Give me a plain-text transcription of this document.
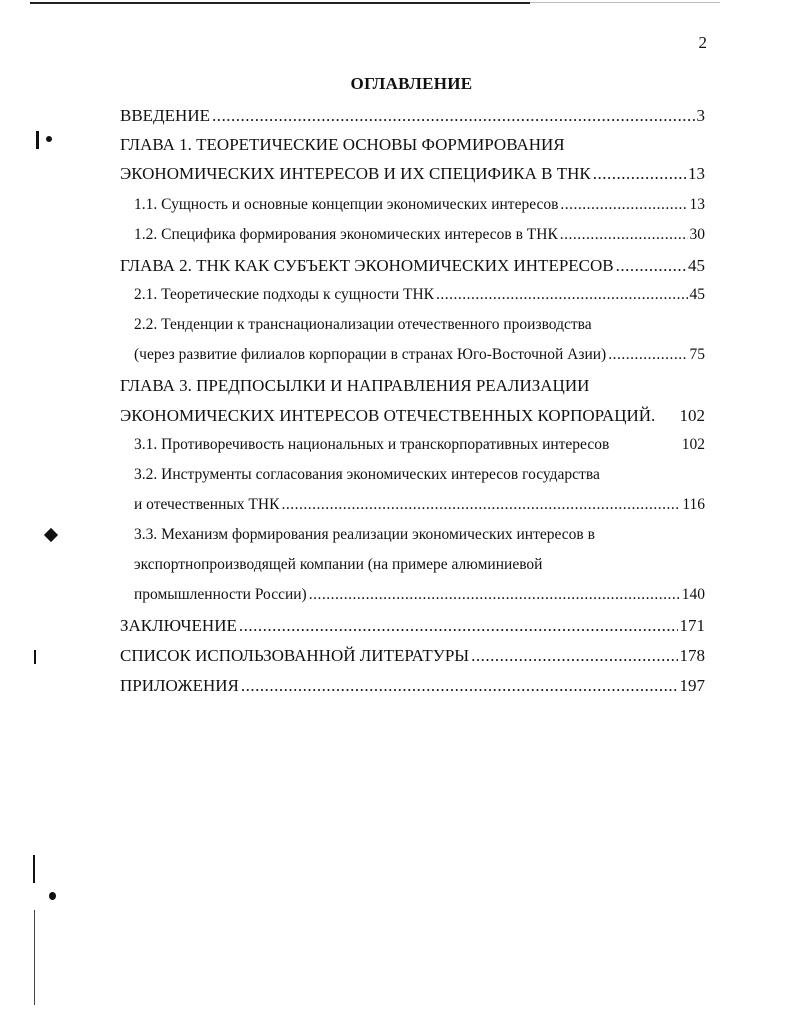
2
ОГЛАВЛЕНИЕ
ВВЕДЕНИЕ .....	3
ГЛАВА 1. ТЕОРЕТИЧЕСКИЕ ОСНОВЫ ФОРМИРОВАНИЯ
ЭКОНОМИЧЕСКИХ ИНТЕРЕСОВ И ИХ СПЕЦИФИКА В ТНК .....	13
1.1. Сущность и основные концепции экономических интересов .....	13
1.2. Специфика формирования экономических интересов в ТНК .....	30
ГЛАВА 2. ТНК КАК СУБЪЕКТ ЭКОНОМИЧЕСКИХ ИНТЕРЕСОВ .....	45
2.1. Теоретические подходы к сущности ТНК .....	45
2.2. Тенденции к транснационализации отечественного производства
(через развитие филиалов корпорации в странах Юго-Восточной Азии) .....	75
ГЛАВА 3. ПРЕДПОСЫЛКИ И НАПРАВЛЕНИЯ РЕАЛИЗАЦИИ
ЭКОНОМИЧЕСКИХ ИНТЕРЕСОВ ОТЕЧЕСТВЕННЫХ КОРПОРАЦИЙ. 102
3.1. Противоречивость национальных и транскорпоративных интересов	102
3.2. Инструменты согласования экономических интересов государства
и отечественных ТНК .....	116
3.3. Механизм формирования реализации экономических интересов в
экспортнопроизводящей компании (на примере алюминиевой
промышленности России) .....	140
ЗАКЛЮЧЕНИЕ .....	171
СПИСОК ИСПОЛЬЗОВАННОЙ ЛИТЕРАТУРЫ .....	178
ПРИЛОЖЕНИЯ .....	197
